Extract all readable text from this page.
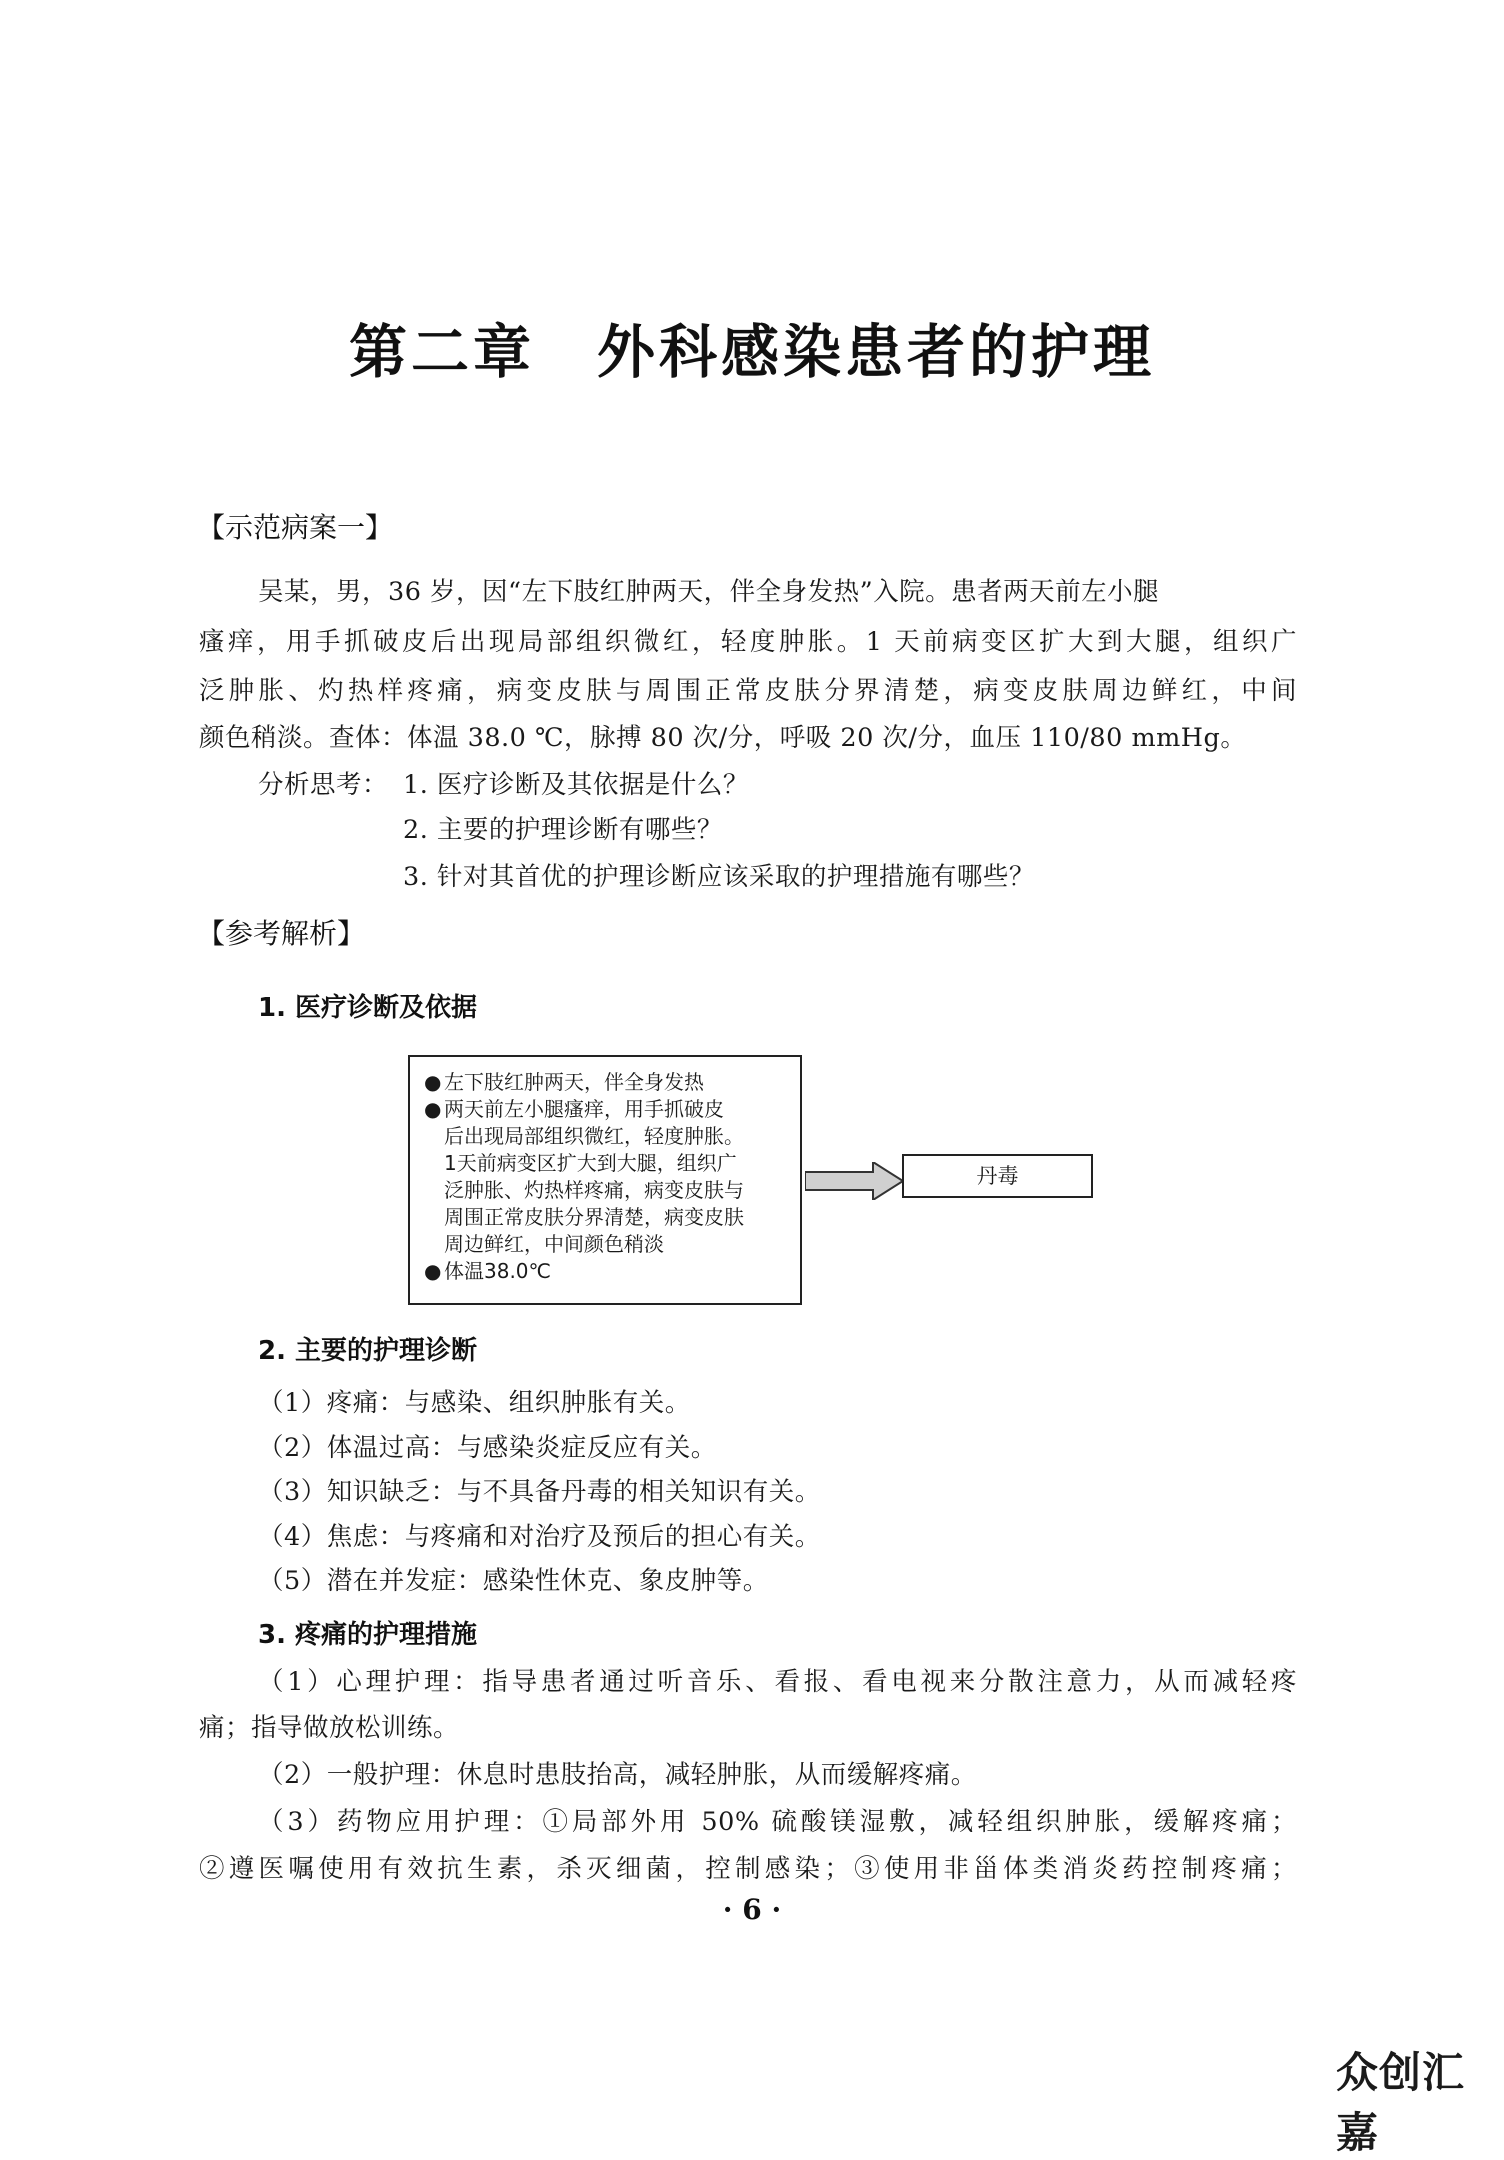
第二章　外科感染患者的护理
【示范病案一】
吴某，男，36 岁，因“左下肢红肿两天，伴全身发热”入院。患者两天前左小腿
瘙痒，用手抓破皮后出现局部组织微红，轻度肿胀。1 天前病变区扩大到大腿，组织广
泛肿胀、灼热样疼痛，病变皮肤与周围正常皮肤分界清楚，病变皮肤周边鲜红，中间
颜色稍淡。查体：体温 38.0 ℃，脉搏 80 次/分，呼吸 20 次/分，血压 110/80 mmHg。
分析思考： 1. 医疗诊断及其依据是什么？
2. 主要的护理诊断有哪些？
3. 针对其首优的护理诊断应该采取的护理措施有哪些？
【参考解析】
1. 医疗诊断及依据
● 左下肢红肿两天，伴全身发热
● 两天前左小腿瘙痒，用手抓破皮
后出现局部组织微红，轻度肿胀。
1天前病变区扩大到大腿，组织广
泛肿胀、灼热样疼痛，病变皮肤与
周围正常皮肤分界清楚，病变皮肤
周边鲜红，中间颜色稍淡
● 体温38.0℃
丹毒
2. 主要的护理诊断
（1）疼痛：与感染、组织肿胀有关。
（2）体温过高：与感染炎症反应有关。
（3）知识缺乏：与不具备丹毒的相关知识有关。
（4）焦虑：与疼痛和对治疗及预后的担心有关。
（5）潜在并发症：感染性休克、象皮肿等。
3. 疼痛的护理措施
（1）心理护理：指导患者通过听音乐、看报、看电视来分散注意力，从而减轻疼
痛；指导做放松训练。
（2）一般护理：休息时患肢抬高，减轻肿胀，从而缓解疼痛。
（3）药物应用护理：①局部外用 50% 硫酸镁湿敷，减轻组织肿胀，缓解疼痛；
②遵医嘱使用有效抗生素，杀灭细菌，控制感染；③使用非甾体类消炎药控制疼痛；
· 6 ·
众创汇嘉
